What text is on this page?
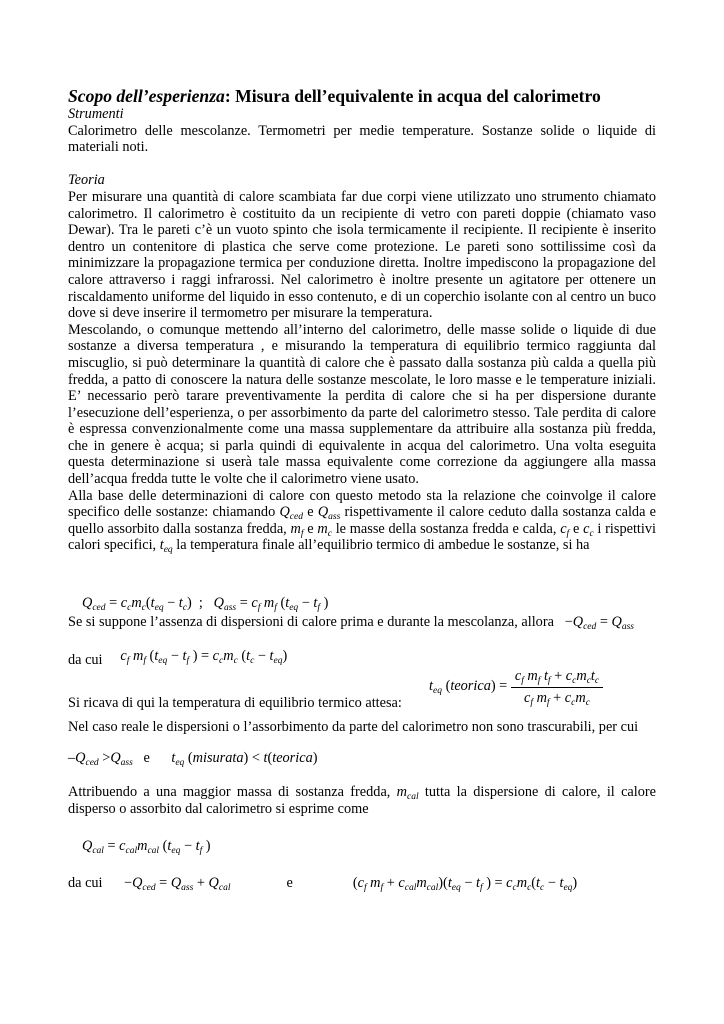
Scopo dell’esperienza: Misura dell’equivalente in acqua del calorimetro
Strumenti

Calorimetro delle mescolanze. Termometri per medie temperature. Sostanze solide o liquide di materiali noti.

Teoria

Per misurare una quantità di calore scambiata far due corpi viene utilizzato uno strumento chiamato calorimetro. Il calorimetro è costituito da un recipiente di vetro con pareti doppie (chiamato vaso Dewar). Tra le pareti c’è un vuoto spinto che isola termicamente il recipiente. Il recipiente è inserito dentro un contenitore di plastica che serve come protezione. Le pareti sono sottilissime così da minimizzare la propagazione termica per conduzione diretta. Inoltre impediscono la propagazione del calore attraverso i raggi infrarossi. Nel calorimetro è inoltre presente un agitatore per ottenere un riscaldamento uniforme del liquido in esso contenuto, e di un coperchio isolante con al centro un buco dove si deve inserire il termometro per misurare la temperatura.

Mescolando, o comunque mettendo all’interno del calorimetro, delle masse solide o liquide di due sostanze a diversa temperatura , e misurando la temperatura di equilibrio termico raggiunta dal miscuglio, si può determinare la quantità di calore che è passato dalla sostanza più calda a quella più fredda, a patto di conoscere la natura delle sostanze mescolate, le loro masse e le temperature iniziali. E’ necessario però tarare preventivamente la perdita di calore che si ha per dispersione durante l’esecuzione dell’esperienza, o per assorbimento da parte del calorimetro stesso. Tale perdita di calore è espressa convenzionalmente come una massa supplementare da attribuire alla sostanza più fredda, che in genere è acqua; si parla quindi di equivalente in acqua del calorimetro. Una volta eseguita questa determinazione si userà tale massa equivalente come correzione da aggiungere alla massa dell’acqua fredda tutte le volte che il calorimetro viene usato.

Alla base delle determinazioni di calore con questo metodo sta la relazione che coinvolge il calore specifico delle sostanze: chiamando $Q_{ced}$ e $Q_{ass}$ rispettivamente il calore ceduto dalla sostanza calda e quello assorbito dalla sostanza fredda, $m_f$ e $m_c$ le masse della sostanza fredda e calda, $c_f$ e $c_c$ i rispettivi calori specifici, $t_{eq}$ la temperatura finale all’equilibrio termico di ambedue le sostanze, si ha

$Q_{ced} = c_cm_c(t_{eq} - t_c)$ ;   $Q_{ass} = c_f$ $m_f$ ($t_{eq} - t_f$ )
Se si suppone l’assenza di dispersioni di calore prima e durante la mescolanza, allora $-Q_{ced} = Q_{ass}$
da cui $c_f$ $m_f$ ($t_{eq} - t_f$ ) = $c_cm_c$ $(t_c - t_{eq})$
Si ricava di qui la temperatura di equilibrio termico attesa:  $t_{eq}$ (teorica) = $\frac{c_f m_f t_f + c_cm_ct_c}{c_f m_f + c_cm_c}$
Nel caso reale le dispersioni o l’assorbimento da parte del calorimetro non sono trascurabili, per cui
$-Q_{ced} >Q_{ass}$ e $t_{eq}$ (misurata) < t(teorica)

Attribuendo a una maggior massa di sostanza fredda, $m_{cal}$ tutta la dispersione di calore, il calore disperso o assorbito dal calorimetro si esprime come

$Q_{cal} = c_{cal}m_{cal}$ ($t_{eq} - t_f$ )
da cui $-Q_{ced} = Q_{ass} + Q_{cal}$	e	($c_f$ $m_f + c_{cal}m_{cal})(t_{eq} - t_f$ ) = $c_cm_c(t_c - t_{eq})$
